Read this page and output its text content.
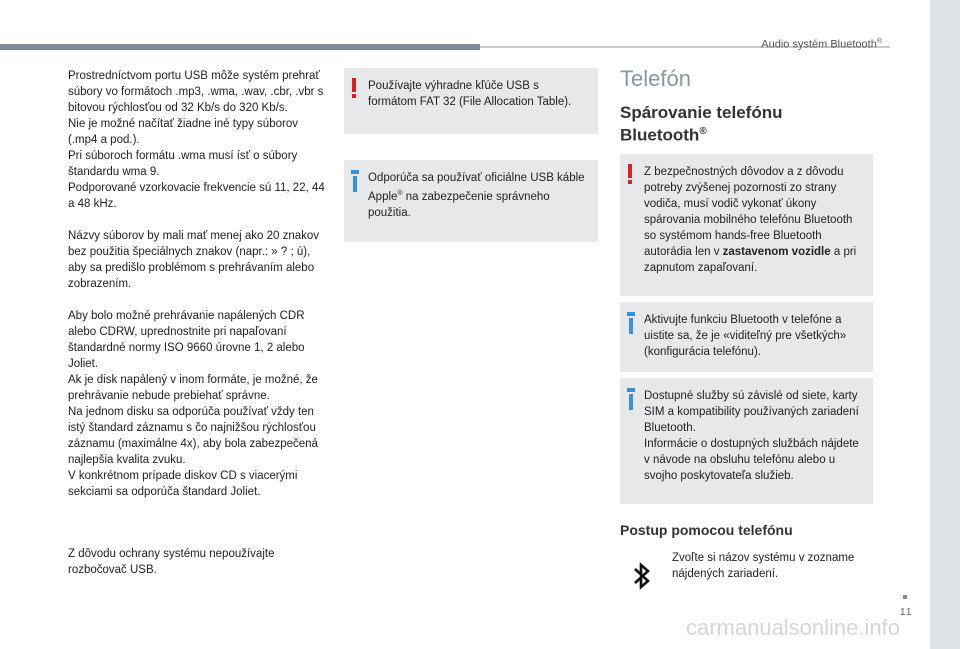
Audio systém Bluetooth®

Prostredníctvom portu USB môže systém prehrať súbory vo formátoch .mp3, .wma, .wav, .cbr, .vbr s bitovou rýchlosťou od 32 Kb/s do 320 Kb/s.
Nie je možné načítať žiadne iné typy súborov (.mp4 a pod.).
Pri súboroch formátu .wma musí ísť o súbory štandardu wma 9.
Podporované vzorkovacie frekvencie sú 11, 22, 44 a 48 kHz.

Názvy súborov by mali mať menej ako 20 znakov bez použitia špeciálnych znakov (napr.: » ? ; ù), aby sa predišlo problémom s prehrávaním alebo zobrazením.

Aby bolo možné prehrávanie napálených CDR alebo CDRW, uprednostnite pri napaľovaní štandardné normy ISO 9660 úrovne 1, 2 alebo Joliet.
Ak je disk napálený v inom formáte, je možné, že prehrávanie nebude prebiehať správne.
Na jednom disku sa odporúča používať vždy ten istý štandard záznamu s čo najnižšou rýchlosťou záznamu (maximálne 4x), aby bola zabezpečená najlepšia kvalita zvuku.
V konkrétnom prípade diskov CD s viacerými sekciami sa odporúča štandard Joliet.

Z dôvodu ochrany systému nepoužívajte rozbočovač USB.

Používajte výhradne kľúče USB s formátom FAT 32 (File Allocation Table).
Odporúča sa používať oficiálne USB káble Apple® na zabezpečenie správneho použitia.
Telefón
Spárovanie telefónu Bluetooth®
Z bezpečnostných dôvodov a z dôvodu potreby zvýšenej pozornosti zo strany vodiča, musí vodič vykonať úkony spárovania mobilného telefónu Bluetooth so systémom hands-free Bluetooth autorádia len v zastavenom vozidle a pri zapnutom zapaľovaní.
Aktivujte funkciu Bluetooth v telefóne a uistite sa, že je «viditeľný pre všetkých» (konfigurácia telefónu).
Dostupné služby sú závislé od siete, karty SIM a kompatibility používaných zariadení Bluetooth.
Informácie o dostupných službách nájdete v návode na obsluhu telefónu alebo u svojho poskytovateľa služieb.
Postup pomocou telefónu
Zvoľte si názov systému v zozname nájdených zariadení.
11
carmanualsonline.info
